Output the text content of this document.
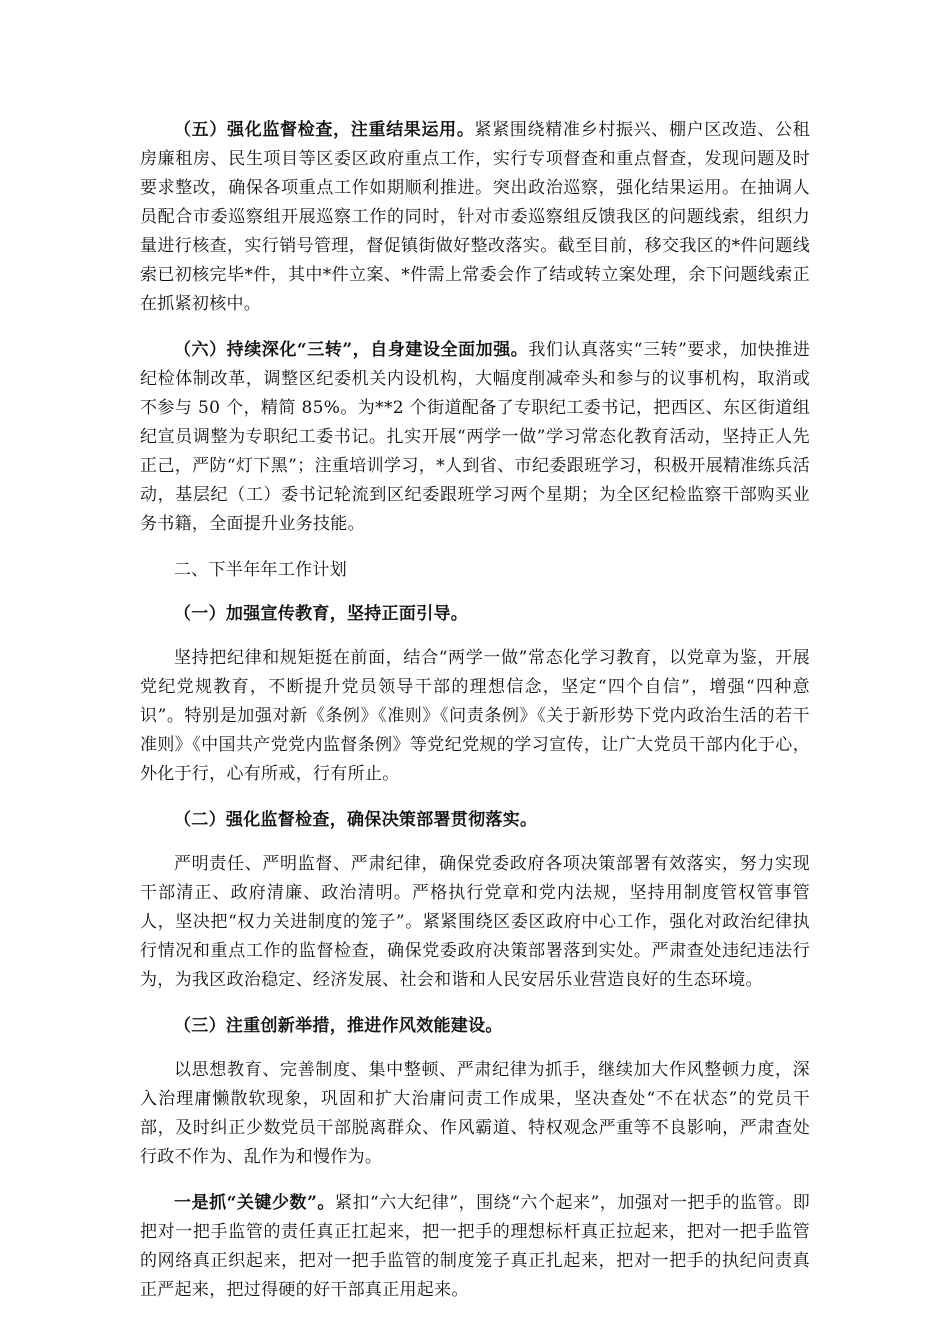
（五）强化监督检查，注重结果运用。紧紧围绕精准乡村振兴、棚户区改造、公租房廉租房、民生项目等区委区政府重点工作，实行专项督查和重点督查，发现问题及时要求整改，确保各项重点工作如期顺利推进。突出政治巡察，强化结果运用。在抽调人员配合市委巡察组开展巡察工作的同时，针对市委巡察组反馈我区的问题线索，组织力量进行核查，实行销号管理，督促镇街做好整改落实。截至目前，移交我区的*件问题线索已初核完毕*件，其中*件立案、*件需上常委会作了结或转立案处理，余下问题线索正在抓紧初核中。

（六）持续深化“三转”，自身建设全面加强。我们认真落实“三转”要求，加快推进纪检体制改革，调整区纪委机关内设机构，大幅度削减牵头和参与的议事机构，取消或不参与 50 个，精简 85%。为**2 个街道配备了专职纪工委书记，把西区、东区街道组纪宣员调整为专职纪工委书记。扎实开展“两学一做”学习常态化教育活动，坚持正人先正己，严防“灯下黑”；注重培训学习，*人到省、市纪委跟班学习，积极开展精准练兵活动，基层纪（工）委书记轮流到区纪委跟班学习两个星期；为全区纪检监察干部购买业务书籍，全面提升业务技能。

二、下半年年工作计划

（一）加强宣传教育，坚持正面引导。

坚持把纪律和规矩挺在前面，结合“两学一做”常态化学习教育，以党章为鉴，开展党纪党规教育，不断提升党员领导干部的理想信念，坚定“四个自信”，增强“四种意识”。特别是加强对新《条例》《准则》《问责条例》《关于新形势下党内政治生活的若干准则》《中国共产党党内监督条例》等党纪党规的学习宣传，让广大党员干部内化于心，外化于行，心有所戒，行有所止。

（二）强化监督检查，确保决策部署贯彻落实。

严明责任、严明监督、严肃纪律，确保党委政府各项决策部署有效落实，努力实现干部清正、政府清廉、政治清明。严格执行党章和党内法规，坚持用制度管权管事管人，坚决把“权力关进制度的笼子”。紧紧围绕区委区政府中心工作，强化对政治纪律执行情况和重点工作的监督检查，确保党委政府决策部署落到实处。严肃查处违纪违法行为，为我区政治稳定、经济发展、社会和谐和人民安居乐业营造良好的生态环境。

（三）注重创新举措，推进作风效能建设。

以思想教育、完善制度、集中整顿、严肃纪律为抓手，继续加大作风整顿力度，深入治理庸懒散软现象，巩固和扩大治庸问责工作成果，坚决查处“不在状态”的党员干部，及时纠正少数党员干部脱离群众、作风霸道、特权观念严重等不良影响，严肃查处行政不作为、乱作为和慢作为。

一是抓“关键少数”。紧扣“六大纪律”，围绕“六个起来”，加强对一把手的监管。即把对一把手监管的责任真正扛起来，把一把手的理想标杆真正拉起来，把对一把手监管的网络真正织起来，把对一把手监管的制度笼子真正扎起来，把对一把手的执纪问责真正严起来，把过得硬的好干部真正用起来。
